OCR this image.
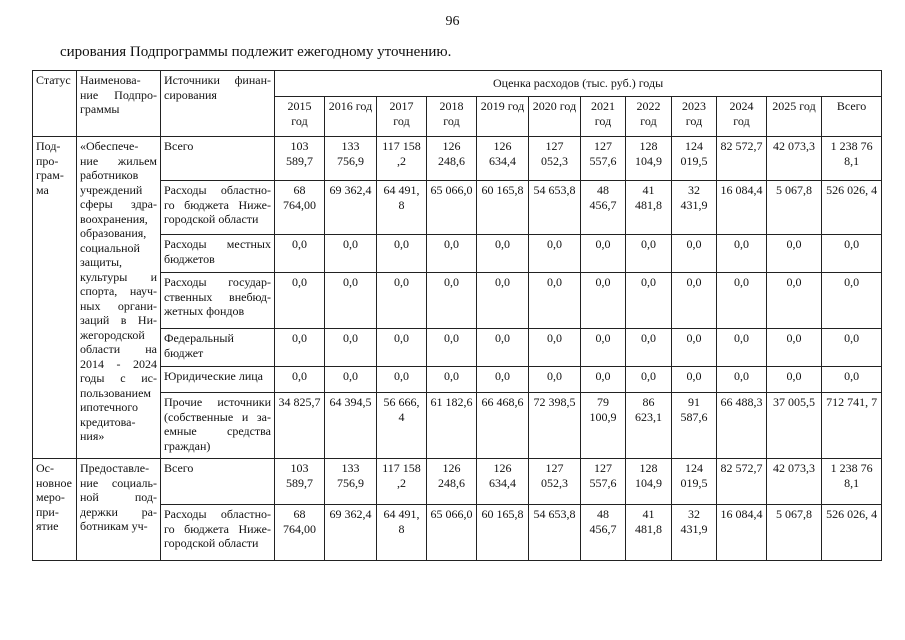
96
сирования Подпрограммы подлежит ежегодному уточнению.
Статус	Наименова- ние Подпро- граммы	Источники финан- сирования	Оценка расходов (тыс. руб.) годы											
			2015 год	2016 год	2017 год	2018 год	2019 год	2020 год	2021 год	2022 год	2023 год	2024 год	2025 год	Всего
Под- про- грам- ма	«Обеспече- ние жильем работников учреждений сферы здра- воохранения, образования, социальной защиты, культуры и спорта, науч- ных органи- заций в Ни- жегородской области на 2014 - 2024 годы с ис- пользованием ипотечного кредитова- ния»	Всего	103 589,7	133 756,9	117 158 ,2	126 248,6	126 634,4	127 052,3	127 557,6	128 104,9	124 019,5	82 572,7	42 073,3	1 238 76 8,1
		Расходы областно- го бюджета Ниже- городской области	68 764,00	69 362,4	64 491, 8	65 066,0	60 165,8	54 653,8	48 456,7	41 481,8	32 431,9	16 084,4	5 067,8	526 026, 4
		Расходы местных бюджетов	0,0	0,0	0,0	0,0	0,0	0,0	0,0	0,0	0,0	0,0	0,0	0,0
		Расходы государ- ственных внебюд- жетных фондов	0,0	0,0	0,0	0,0	0,0	0,0	0,0	0,0	0,0	0,0	0,0	0,0
		Федеральный бюджет	0,0	0,0	0,0	0,0	0,0	0,0	0,0	0,0	0,0	0,0	0,0	0,0
		Юридические лица	0,0	0,0	0,0	0,0	0,0	0,0	0,0	0,0	0,0	0,0	0,0	0,0
		Прочие источники (собственные и за- емные средства граждан)	34 825,7	64 394,5	56 666, 4	61 182,6	66 468,6	72 398,5	79 100,9	86 623,1	91 587,6	66 488,3	37 005,5	712 741, 7
Ос- новное меро- при- ятие	Предоставле- ние социаль- ной под- держки ра- ботникам уч-	Всего	103 589,7	133 756,9	117 158 ,2	126 248,6	126 634,4	127 052,3	127 557,6	128 104,9	124 019,5	82 572,7	42 073,3	1 238 76 8,1
		Расходы областно- го бюджета Ниже- городской области	68 764,00	69 362,4	64 491, 8	65 066,0	60 165,8	54 653,8	48 456,7	41 481,8	32 431,9	16 084,4	5 067,8	526 026, 4
